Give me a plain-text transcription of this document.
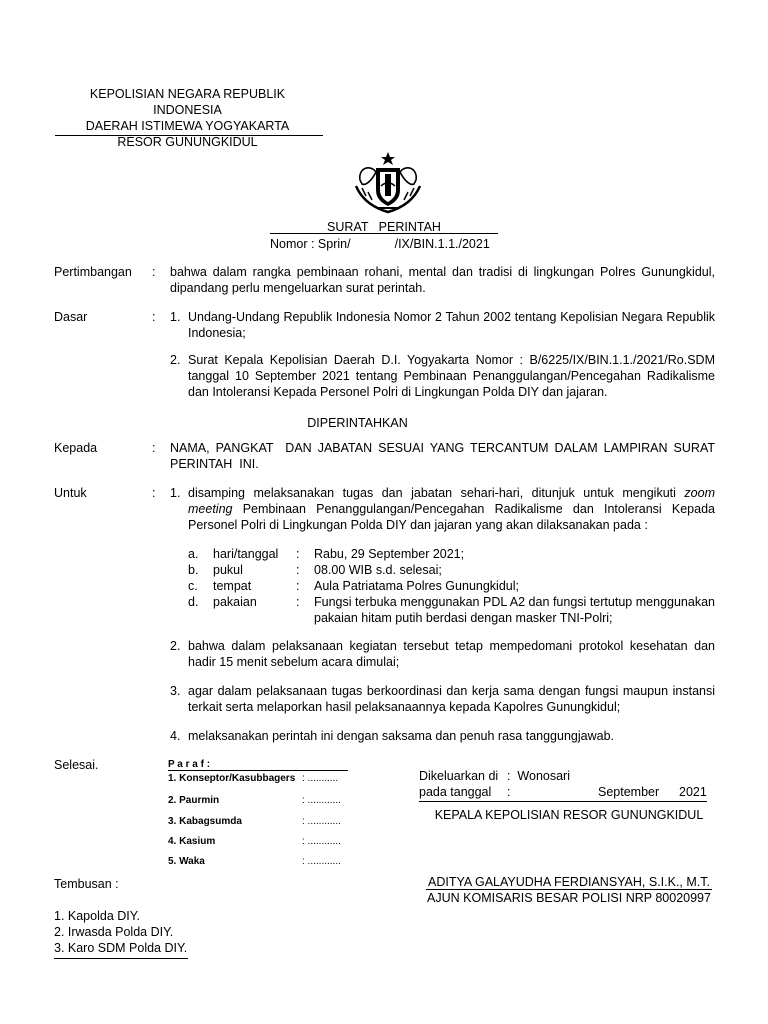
KEPOLISIAN NEGARA REPUBLIK INDONESIA
DAERAH ISTIMEWA YOGYAKARTA
RESOR GUNUNGKIDUL
SURAT   PERINTAH
Nomor : Sprin/	/IX/BIN.1.1./2021
Pertimbangan : bahwa dalam rangka pembinaan rohani, mental dan tradisi di lingkungan Polres Gunungkidul, dipandang perlu mengeluarkan surat perintah.
Dasar	: 1. Undang-Undang Republik Indonesia Nomor 2 Tahun 2002 tentang Kepolisian Negara Republik Indonesia;
2. Surat Kepala Kepolisian Daerah D.I. Yogyakarta Nomor : B/6225/IX/BIN.1.1./2021/Ro.SDM tanggal 10 September 2021 tentang Pembinaan Penanggulangan/Pencegahan Radikalisme dan Intoleransi Kepada Personel Polri di Lingkungan Polda DIY dan jajaran.
DIPERINTAHKAN
Kepada	: NAMA, PANGKAT  DAN JABATAN SESUAI YANG TERCANTUM DALAM LAMPIRAN SURAT PERINTAH  INI.
Untuk	: 1. disamping melaksanakan tugas dan jabatan sehari-hari, ditunjuk untuk mengikuti zoom meeting Pembinaan Penanggulangan/Pencegahan Radikalisme dan Intoleransi Kepada Personel Polri di Lingkungan Polda DIY dan jajaran yang akan dilaksanakan pada :
a. hari/tanggal : Rabu, 29 September 2021;
b. pukul	: 08.00 WIB s.d. selesai;
c. tempat	: Aula Patriatama Polres Gunungkidul;
d. pakaian	: Fungsi terbuka menggunakan PDL A2 dan fungsi tertutup menggunakan pakaian hitam putih berdasi dengan masker TNI-Polri;
2. bahwa dalam pelaksanaan kegiatan tersebut tetap mempedomani protokol kesehatan dan hadir 15 menit sebelum acara dimulai;
3. agar dalam pelaksanaan tugas berkoordinasi dan kerja sama dengan fungsi maupun instansi terkait serta melaporkan hasil pelaksanaannya kepada Kapolres Gunungkidul;
4. melaksanakan perintah ini dengan saksama dan penuh rasa tanggungjawab.
Selesai.	P a r a f :
1. Konseptor/Kasubbagers : ...........
2. Paurmin	: ............
3. Kabagsumda	: ............
4. Kasium	: ............
5. Waka	: ............
Dikeluarkan di :  Wonosari
pada tanggal :	September 2021
KEPALA KEPOLISIAN RESOR GUNUNGKIDUL
ADITYA GALAYUDHA FERDIANSYAH, S.I.K., M.T.
AJUN KOMISARIS BESAR POLISI NRP 80020997
Tembusan :
1. Kapolda DIY.
2. Irwasda Polda DIY.
3. Karo SDM Polda DIY.
